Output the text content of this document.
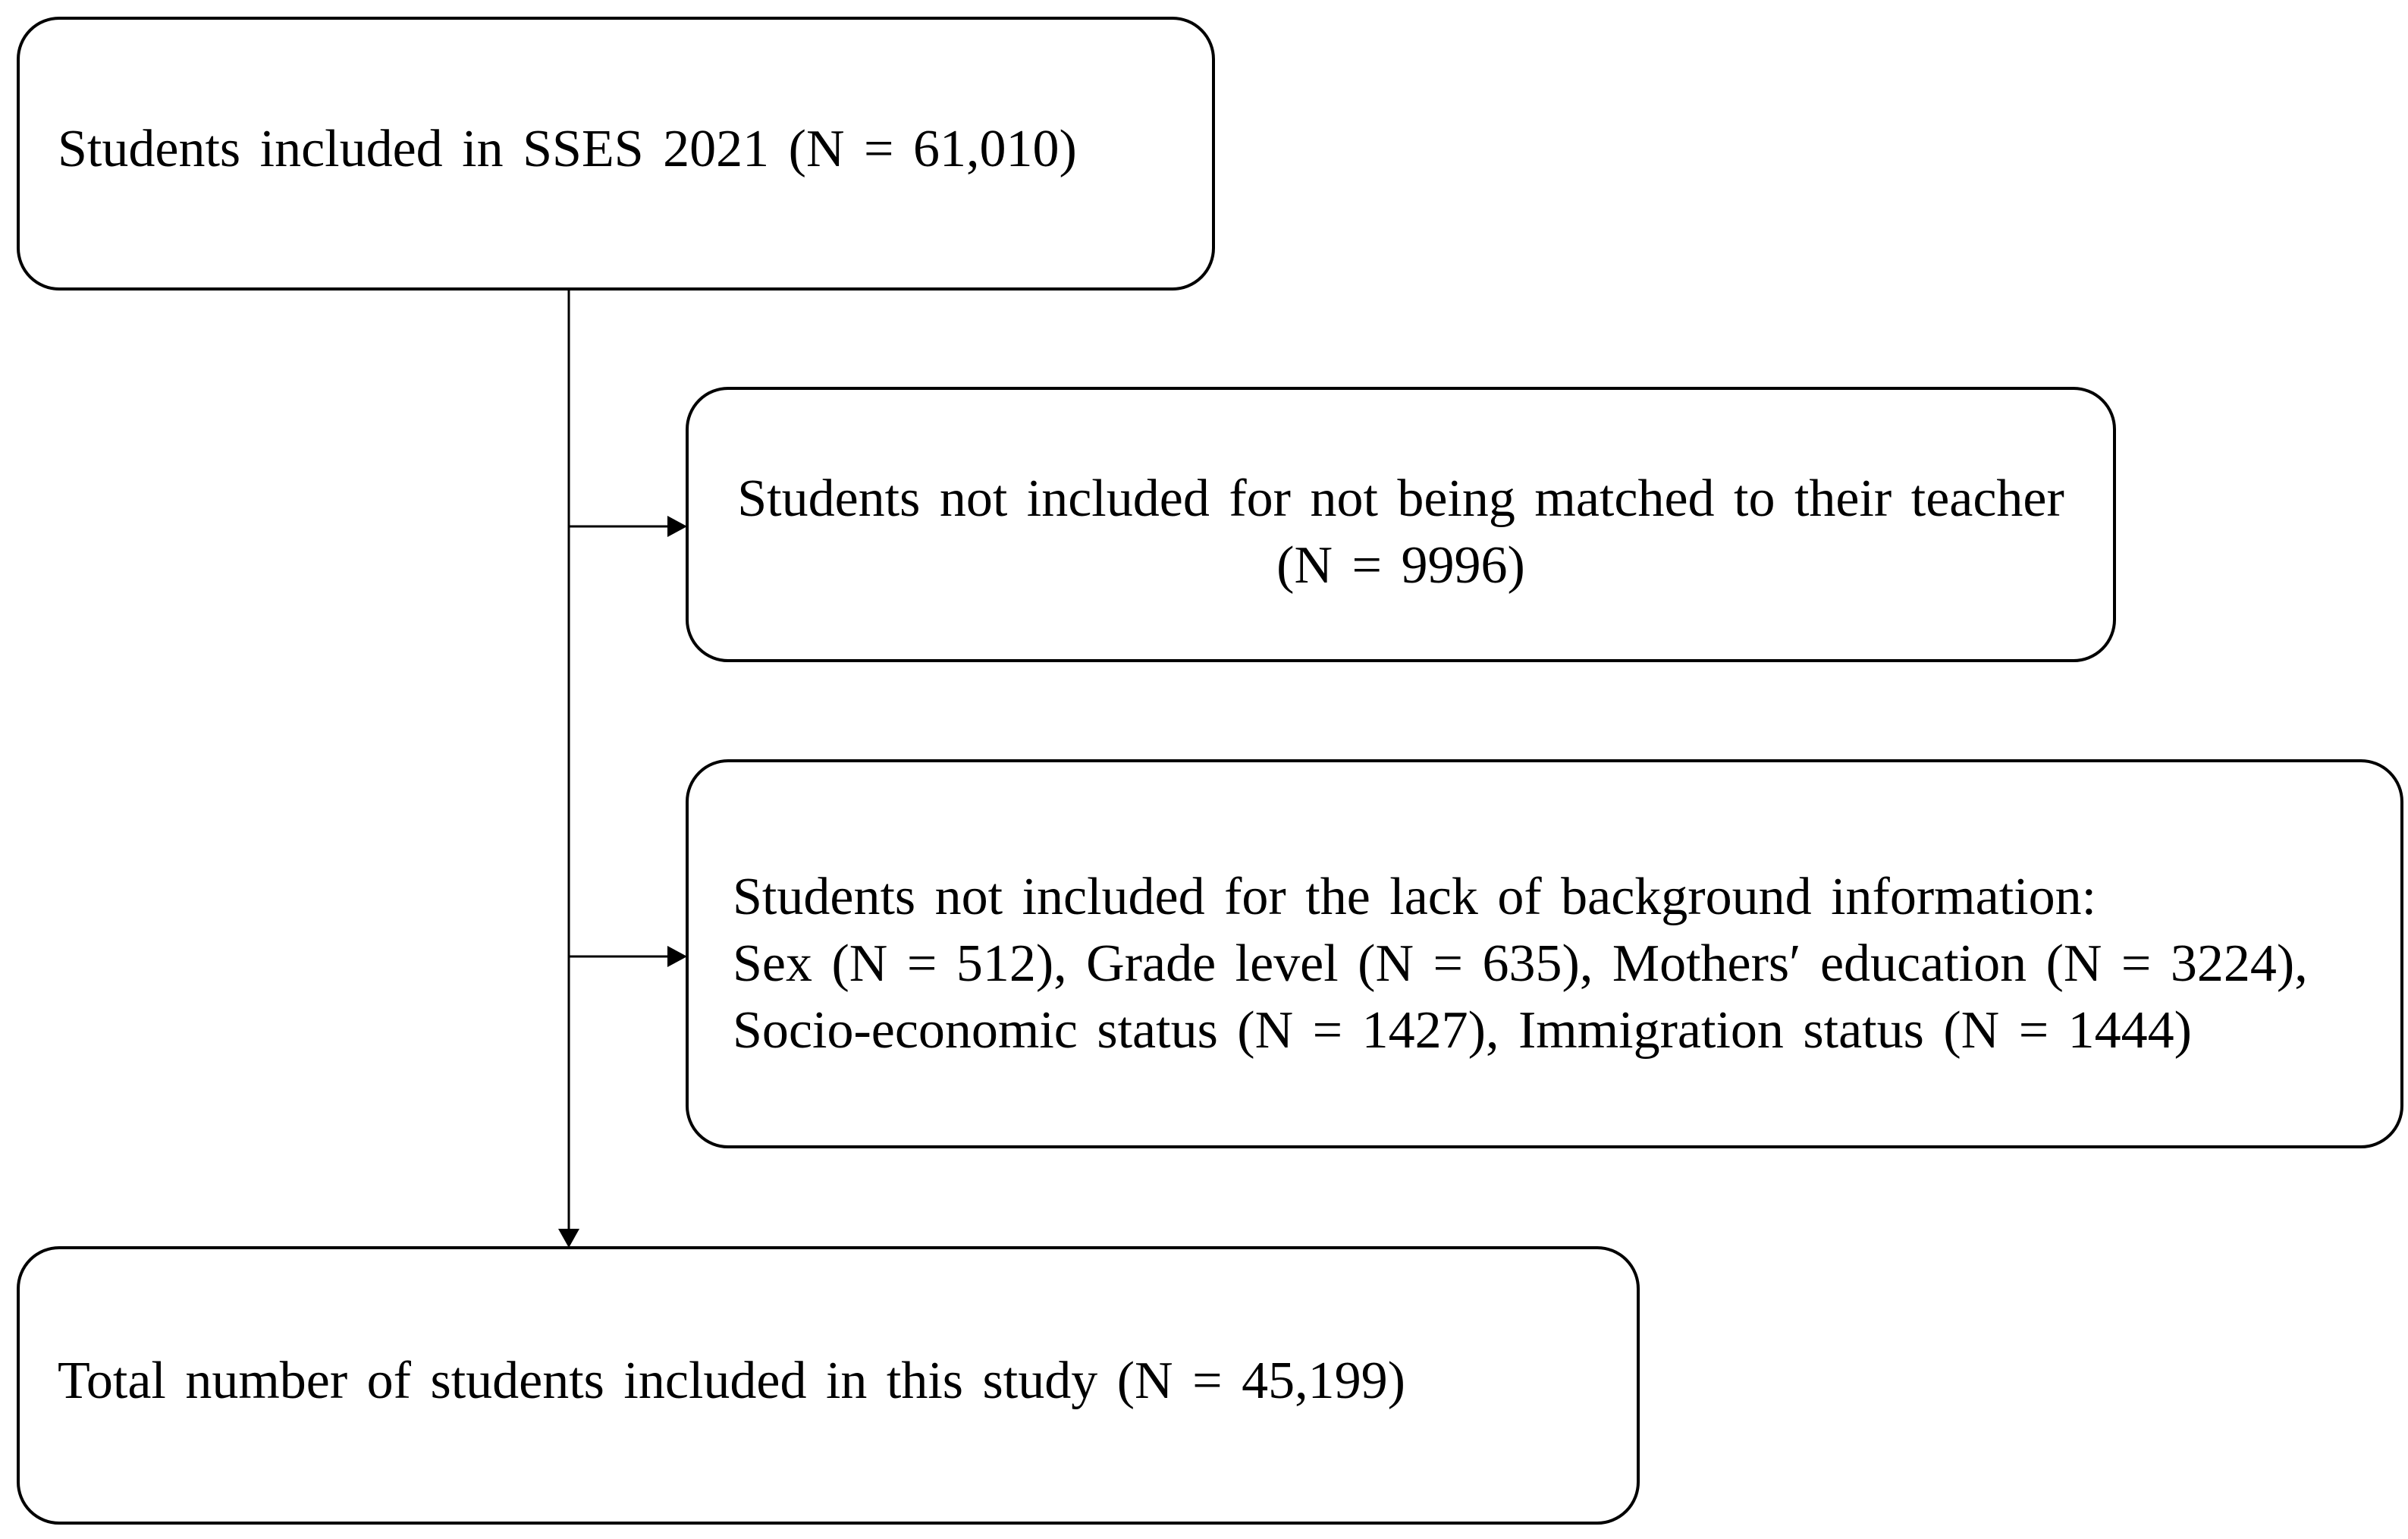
Students included in SSES 2021 (N = 61,010)
Students not included for not being matched to their teacher
(N = 9996)
Students not included for the lack of background information:
Sex (N = 512), Grade level (N = 635), Mothers′ education (N = 3224),
Socio-economic status (N = 1427), Immigration status (N = 1444)
Total number of students included in this study (N = 45,199)
